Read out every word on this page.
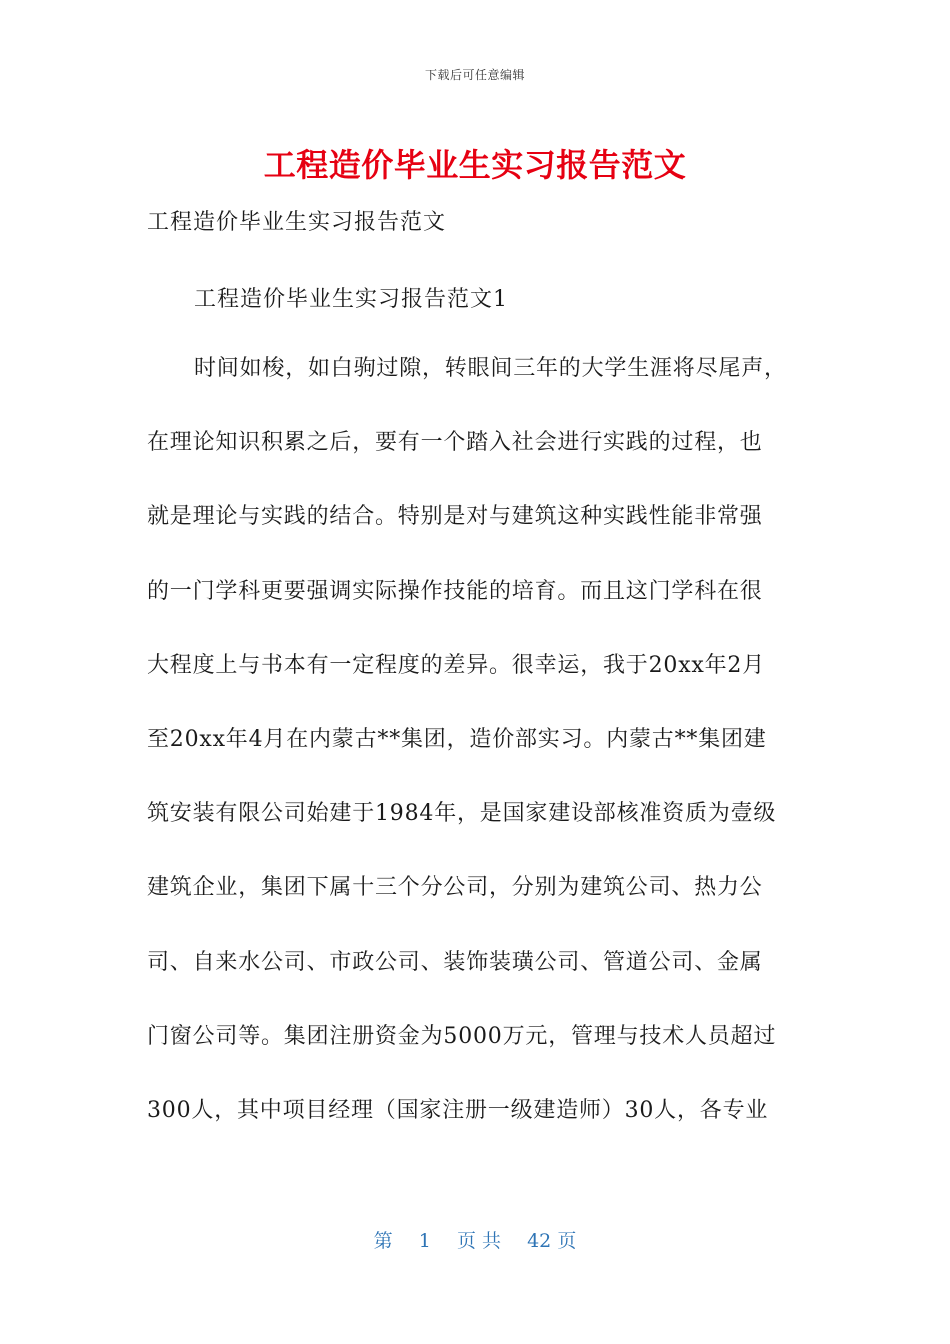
下载后可任意编辑
工程造价毕业生实习报告范文
工程造价毕业生实习报告范文
工程造价毕业生实习报告范文1
时间如梭，如白驹过隙，转眼间三年的大学生涯将尽尾声，
在理论知识积累之后，要有一个踏入社会进行实践的过程，也
就是理论与实践的结合。特别是对与建筑这种实践性能非常强
的一门学科更要强调实际操作技能的培育。而且这门学科在很
大程度上与书本有一定程度的差异。很幸运，我于20xx年2月
至20xx年4月在内蒙古**集团，造价部实习。内蒙古**集团建
筑安装有限公司始建于1984年，是国家建设部核准资质为壹级
建筑企业，集团下属十三个分公司，分别为建筑公司、热力公
司、自来水公司、市政公司、装饰装璜公司、管道公司、金属
门窗公司等。集团注册资金为5000万元，管理与技术人员超过
300人，其中项目经理（国家注册一级建造师）30人，各专业
第 1 页 共 42 页
